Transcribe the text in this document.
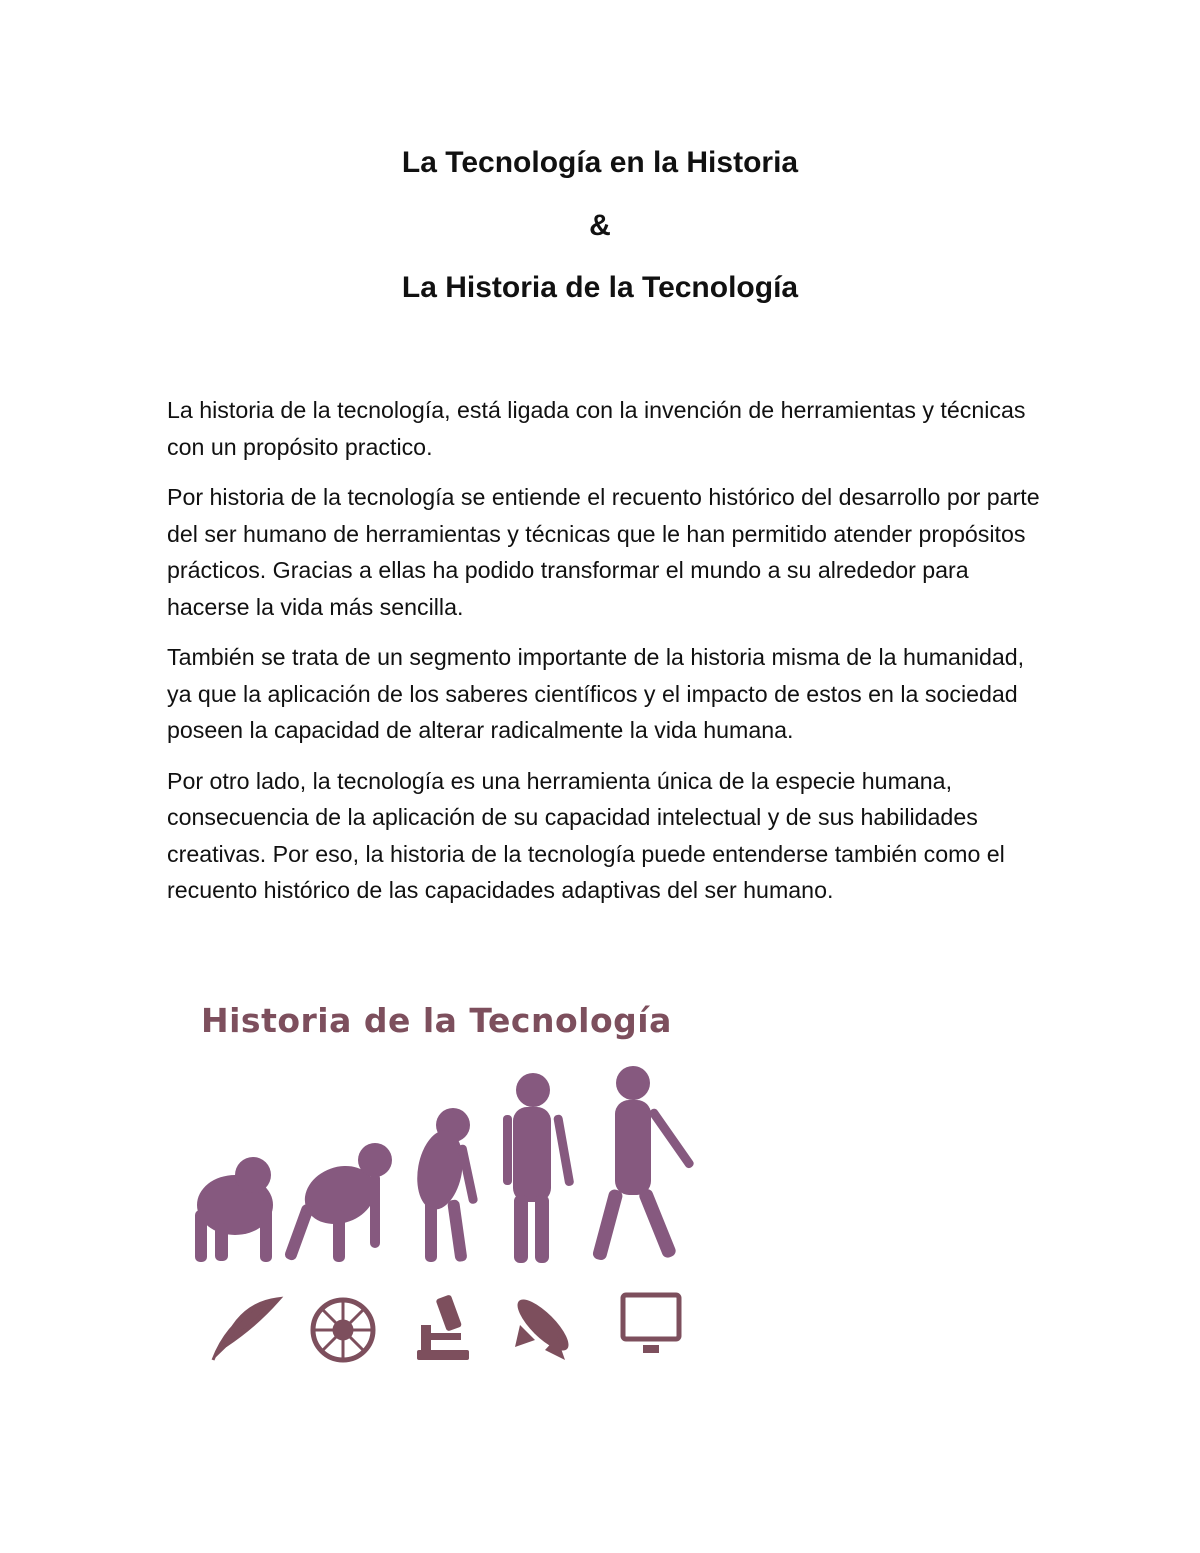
La Tecnología en la Historia
&
La Historia de la Tecnología

La historia de la tecnología, está ligada con la invención de herramientas y técnicas con un propósito practico.

Por historia de la tecnología se entiende el recuento histórico del desarrollo por parte del ser humano de herramientas y técnicas que le han permitido atender propósitos prácticos. Gracias a ellas ha podido transformar el mundo a su alrededor para hacerse la vida más sencilla.

También se trata de un segmento importante de la historia misma de la humanidad, ya que la aplicación de los saberes científicos y el impacto de estos en la sociedad poseen la capacidad de alterar radicalmente la vida humana.

Por otro lado, la tecnología es una herramienta única de la especie humana, consecuencia de la aplicación de su capacidad intelectual y de sus habilidades creativas. Por eso, la historia de la tecnología puede entenderse también como el recuento histórico de las capacidades adaptivas del ser humano.

Historia de la Tecnología
